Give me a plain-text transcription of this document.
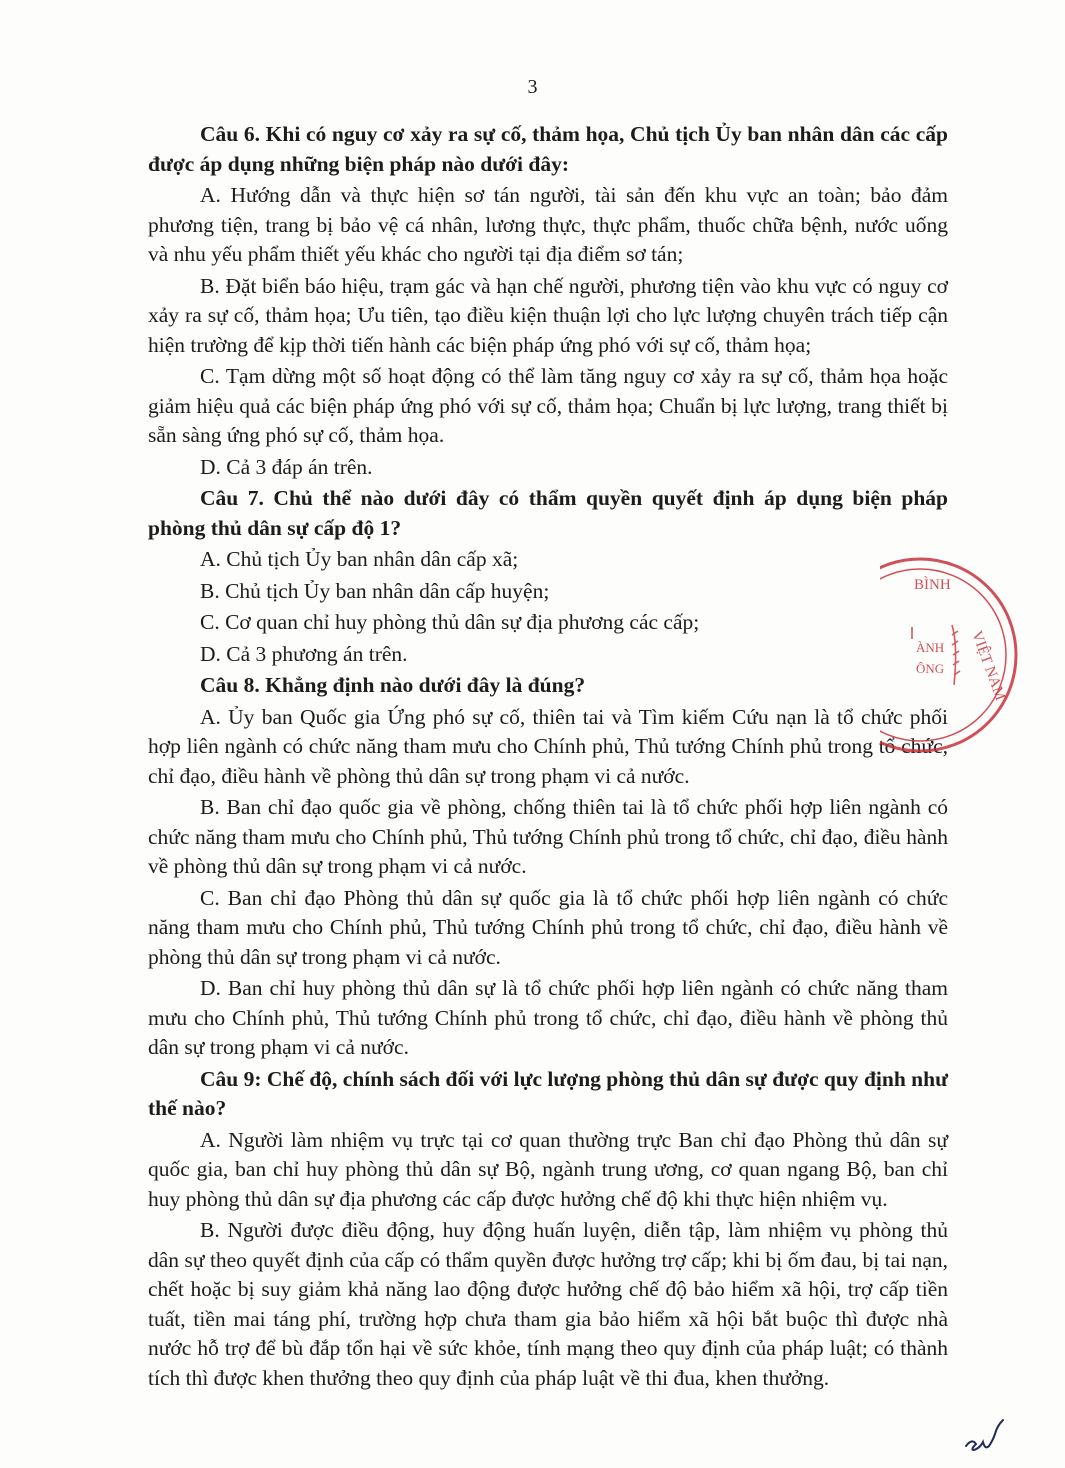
3

Câu 6. Khi có nguy cơ xảy ra sự cố, thảm họa, Chủ tịch Ủy ban nhân dân các cấp được áp dụng những biện pháp nào dưới đây:

A. Hướng dẫn và thực hiện sơ tán người, tài sản đến khu vực an toàn; bảo đảm phương tiện, trang bị bảo vệ cá nhân, lương thực, thực phẩm, thuốc chữa bệnh, nước uống và nhu yếu phẩm thiết yếu khác cho người tại địa điểm sơ tán;

B. Đặt biển báo hiệu, trạm gác và hạn chế người, phương tiện vào khu vực có nguy cơ xảy ra sự cố, thảm họa; Ưu tiên, tạo điều kiện thuận lợi cho lực lượng chuyên trách tiếp cận hiện trường để kịp thời tiến hành các biện pháp ứng phó với sự cố, thảm họa;

C. Tạm dừng một số hoạt động có thể làm tăng nguy cơ xảy ra sự cố, thảm họa hoặc giảm hiệu quả các biện pháp ứng phó với sự cố, thảm họa; Chuẩn bị lực lượng, trang thiết bị sẵn sàng ứng phó sự cố, thảm họa.

D. Cả 3 đáp án trên.

Câu 7. Chủ thể nào dưới đây có thẩm quyền quyết định áp dụng biện pháp phòng thủ dân sự cấp độ 1?

A. Chủ tịch Ủy ban nhân dân cấp xã;

B. Chủ tịch Ủy ban nhân dân cấp huyện;

C. Cơ quan chỉ huy phòng thủ dân sự địa phương các cấp;

D. Cả 3 phương án trên.

Câu 8. Khẳng định nào dưới đây là đúng?

A. Ủy ban Quốc gia Ứng phó sự cố, thiên tai và Tìm kiếm Cứu nạn là tổ chức phối hợp liên ngành có chức năng tham mưu cho Chính phủ, Thủ tướng Chính phủ trong tổ chức, chỉ đạo, điều hành về phòng thủ dân sự trong phạm vi cả nước.

B. Ban chỉ đạo quốc gia về phòng, chống thiên tai là tổ chức phối hợp liên ngành có chức năng tham mưu cho Chính phủ, Thủ tướng Chính phủ trong tổ chức, chỉ đạo, điều hành về phòng thủ dân sự trong phạm vi cả nước.

C. Ban chỉ đạo Phòng thủ dân sự quốc gia là tổ chức phối hợp liên ngành có chức năng tham mưu cho Chính phủ, Thủ tướng Chính phủ trong tổ chức, chỉ đạo, điều hành về phòng thủ dân sự trong phạm vi cả nước.

D. Ban chỉ huy phòng thủ dân sự là tổ chức phối hợp liên ngành có chức năng tham mưu cho Chính phủ, Thủ tướng Chính phủ trong tổ chức, chỉ đạo, điều hành về phòng thủ dân sự trong phạm vi cả nước.

Câu 9: Chế độ, chính sách đối với lực lượng phòng thủ dân sự được quy định như thế nào?

A. Người làm nhiệm vụ trực tại cơ quan thường trực Ban chỉ đạo Phòng thủ dân sự quốc gia, ban chỉ huy phòng thủ dân sự Bộ, ngành trung ương, cơ quan ngang Bộ, ban chỉ huy phòng thủ dân sự địa phương các cấp được hưởng chế độ khi thực hiện nhiệm vụ.

B. Người được điều động, huy động huấn luyện, diễn tập, làm nhiệm vụ phòng thủ dân sự theo quyết định của cấp có thẩm quyền được hưởng trợ cấp; khi bị ốm đau, bị tai nạn, chết hoặc bị suy giảm khả năng lao động được hưởng chế độ bảo hiểm xã hội, trợ cấp tiền tuất, tiền mai táng phí, trường hợp chưa tham gia bảo hiểm xã hội bắt buộc thì được nhà nước hỗ trợ để bù đắp tổn hại về sức khỏe, tính mạng theo quy định của pháp luật; có thành tích thì được khen thưởng theo quy định của pháp luật về thi đua, khen thưởng.

BÌNH
VIỆT NAM
ÀNH
ÔNG
